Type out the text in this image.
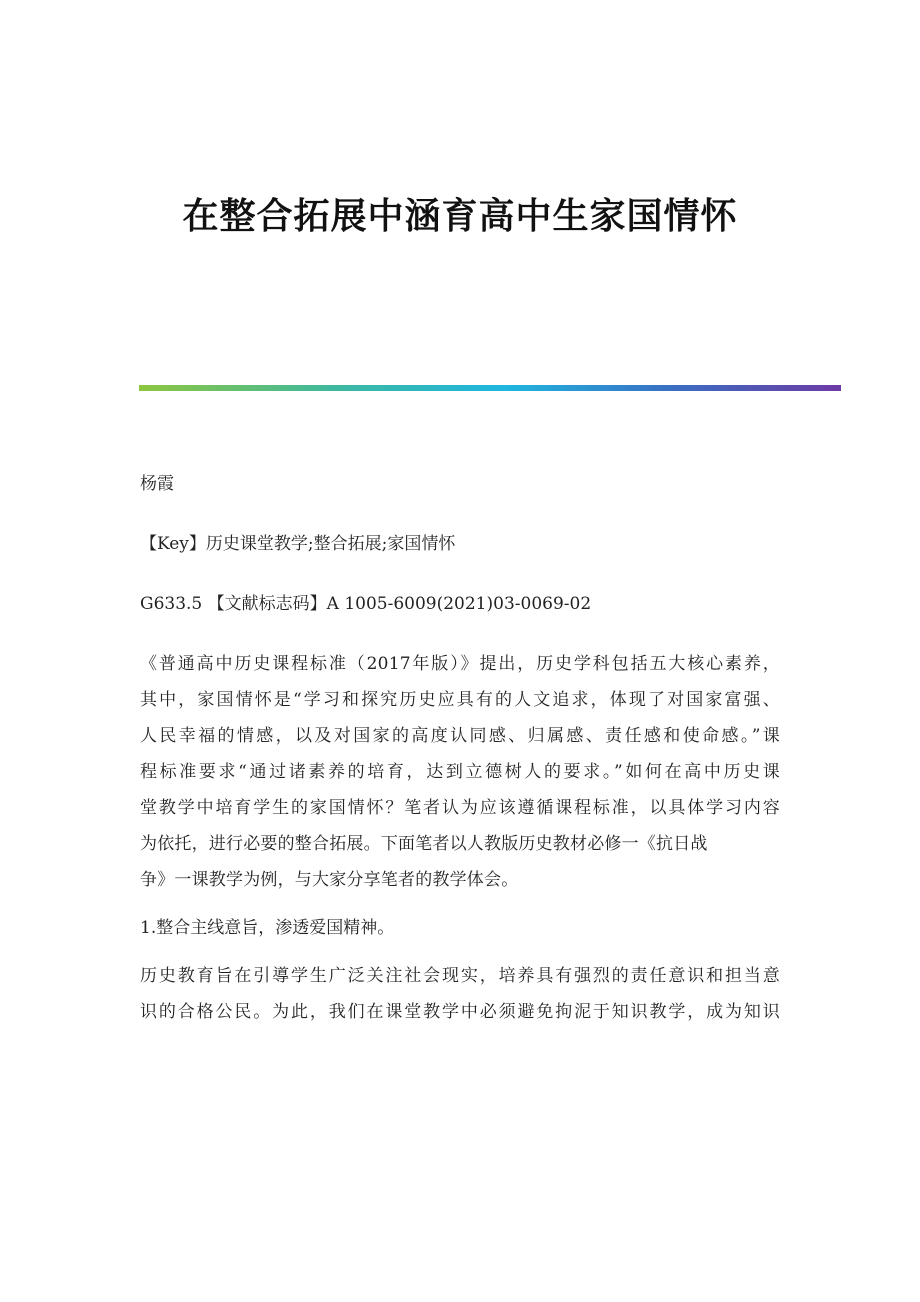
在整合拓展中涵育高中生家国情怀

杨霞

【Key】历史课堂教学;整合拓展;家国情怀

G633.5 【文献标志码】A 1005-6009(2021)03-0069-02

《普通高中历史课程标准（2017年版）》提出，历史学科包括五大核心素养，
其中，家国情怀是“学习和探究历史应具有的人文追求，体现了对国家富强、
人民幸福的情感，以及对国家的高度认同感、归属感、责任感和使命感。”课
程标准要求“通过诸素养的培育，达到立德树人的要求。”如何在高中历史课
堂教学中培育学生的家国情怀？笔者认为应该遵循课程标准，以具体学习内容
为依托，进行必要的整合拓展。下面笔者以人教版历史教材必修一《抗日战
争》一课教学为例，与大家分享笔者的教学体会。

1.整合主线意旨，渗透爱国精神。

历史教育旨在引導学生广泛关注社会现实，培养具有强烈的责任意识和担当意
识的合格公民。为此，我们在课堂教学中必须避免拘泥于知识教学，成为知识
